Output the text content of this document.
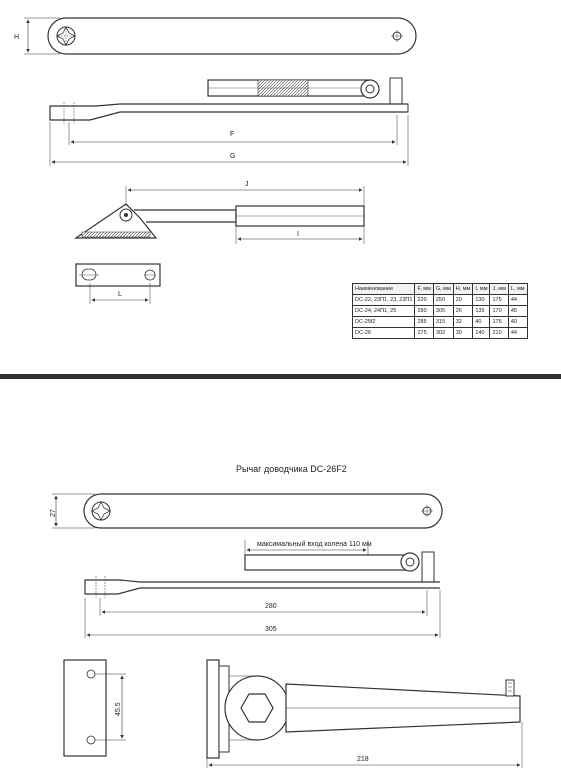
H
F
G
J
I
L
Рычаг доводчика DC-26F2
27
максимальный вход колена 110 мм
280
305
45.5
218
Наименование	F, мм	G, мм	H, мм	I, мм	J, мм	L, мм
DC-22, 23П1, 23, 23П1	220	250	20	130	175	44
DC-24, 24П1, 25	280	305	26	135	170	45
DC-25f2	285	315	32	40	175	40
DC-26	275	302	30	140	210	44
